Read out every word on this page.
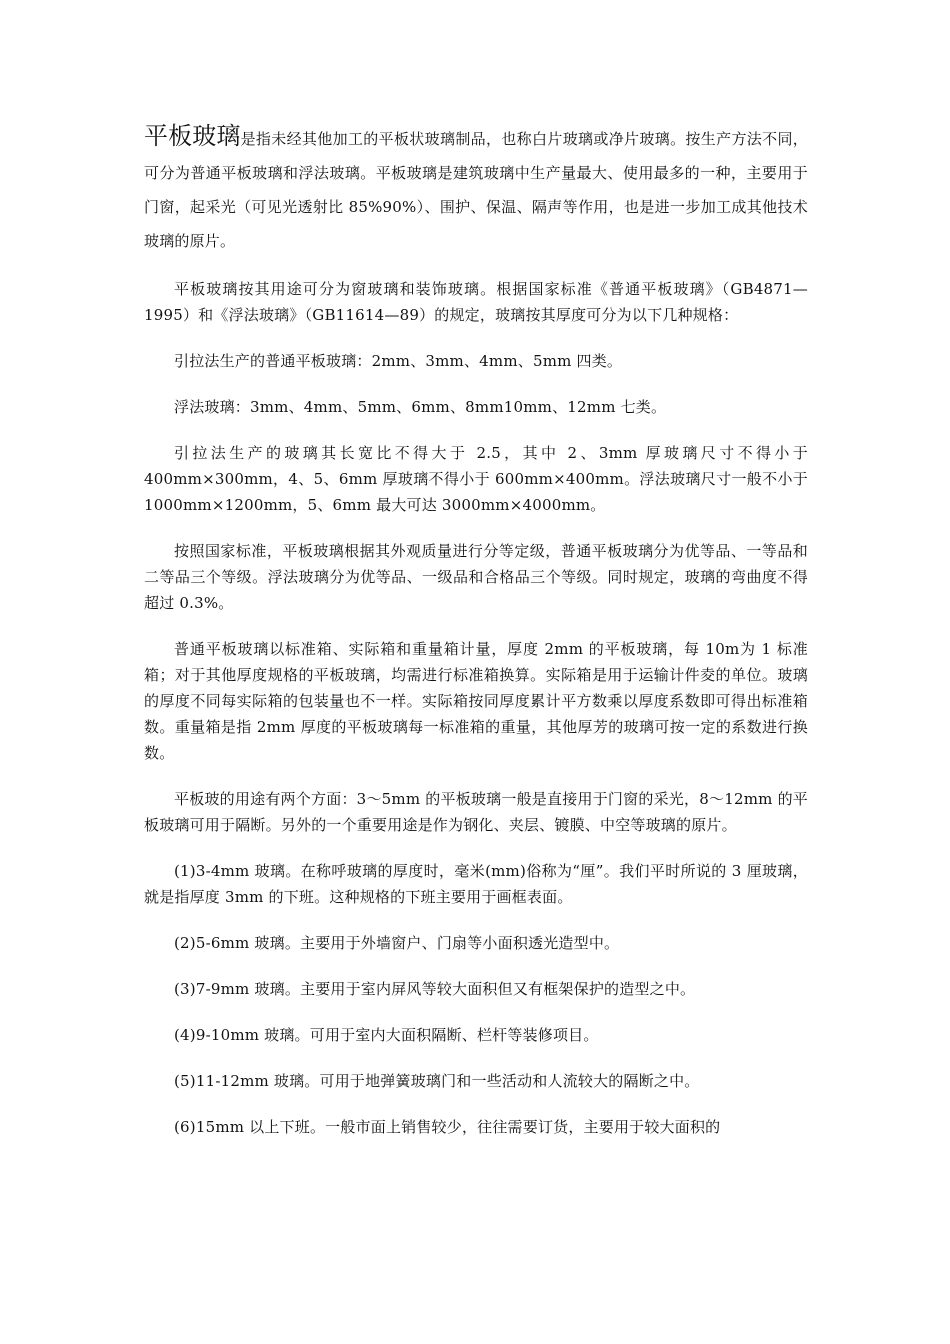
平板玻璃是指未经其他加工的平板状玻璃制品，也称白片玻璃或净片玻璃。按生产方法不同，可分为普通平板玻璃和浮法玻璃。平板玻璃是建筑玻璃中生产量最大、使用最多的一种，主要用于门窗，起采光（可见光透射比 85%90%）、围护、保温、隔声等作用，也是进一步加工成其他技术玻璃的原片。

平板玻璃按其用途可分为窗玻璃和装饰玻璃。根据国家标准《普通平板玻璃》（GB4871—1995）和《浮法玻璃》（GB11614—89）的规定，玻璃按其厚度可分为以下几种规格：

引拉法生产的普通平板玻璃：2mm、3mm、4mm、5mm 四类。

浮法玻璃：3mm、4mm、5mm、6mm、8mm10mm、12mm 七类。

引拉法生产的玻璃其长宽比不得大于 2.5，其中 2、3mm 厚玻璃尺寸不得小于400mm×300mm，4、5、6mm 厚玻璃不得小于 600mm×400mm。浮法玻璃尺寸一般不小于 1000mm×1200mm，5、6mm 最大可达 3000mm×4000mm。

按照国家标准，平板玻璃根据其外观质量进行分等定级，普通平板玻璃分为优等品、一等品和二等品三个等级。浮法玻璃分为优等品、一级品和合格品三个等级。同时规定，玻璃的弯曲度不得超过 0.3%。

普通平板玻璃以标准箱、实际箱和重量箱计量，厚度 2mm 的平板玻璃，每 10m为 1 标准箱；对于其他厚度规格的平板玻璃，均需进行标准箱换算。实际箱是用于运输计件夌的单位。玻璃的厚度不同每实际箱的包装量也不一样。实际箱按同厚度累计平方数乘以厚度系数即可得出标准箱数。重量箱是指 2mm 厚度的平板玻璃每一标准箱的重量，其他厚芳的玻璃可按一定的系数进行换数。

平板玻的用途有两个方面：3～5mm 的平板玻璃一般是直接用于门窗的采光，8～12mm 的平板玻璃可用于隔断。另外的一个重要用途是作为钢化、夹层、镀膜、中空等玻璃的原片。

(1)3-4mm 玻璃。在称呼玻璃的厚度时，毫米(mm)俗称为“厘”。我们平时所说的 3 厘玻璃，就是指厚度 3mm 的下班。这种规格的下班主要用于画框表面。

(2)5-6mm 玻璃。主要用于外墙窗户、门扇等小面积透光造型中。

(3)7-9mm 玻璃。主要用于室内屏风等较大面积但又有框架保护的造型之中。

(4)9-10mm 玻璃。可用于室内大面积隔断、栏杆等装修项目。

(5)11-12mm 玻璃。可用于地弹簧玻璃门和一些活动和人流较大的隔断之中。

(6)15mm 以上下班。一般市面上销售较少，往往需要订货，主要用于较大面积的
